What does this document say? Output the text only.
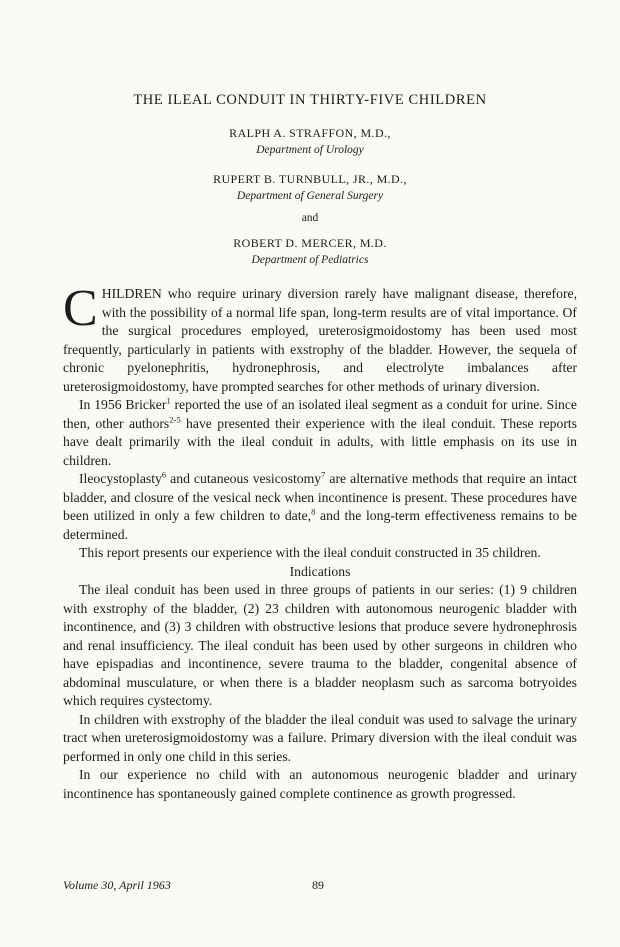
THE ILEAL CONDUIT IN THIRTY-FIVE CHILDREN

RALPH A. STRAFFON, M.D.,

Department of Urology

RUPERT B. TURNBULL, JR., M.D.,

Department of General Surgery

and

ROBERT D. MERCER, M.D.

Department of Pediatrics

CHILDREN who require urinary diversion rarely have malignant disease, therefore, with the possibility of a normal life span, long-term results are of vital importance. Of the surgical procedures employed, ureterosigmoidostomy has been used most frequently, particularly in patients with exstrophy of the bladder. However, the sequela of chronic pyelonephritis, hydronephrosis, and electrolyte imbalances after ureterosigmoidostomy, have prompted searches for other methods of urinary diversion.

In 1956 Bricker$^1$ reported the use of an isolated ileal segment as a conduit for urine. Since then, other authors$^{2-5}$ have presented their experience with the ileal conduit. These reports have dealt primarily with the ileal conduit in adults, with little emphasis on its use in children.

Ileocystoplasty$^6$ and cutaneous vesicostomy$^7$ are alternative methods that require an intact bladder, and closure of the vesical neck when incontinence is present. These procedures have been utilized in only a few children to date,$^8$ and the long-term effectiveness remains to be determined.

This report presents our experience with the ileal conduit constructed in 35 children.

Indications

The ileal conduit has been used in three groups of patients in our series: (1) 9 children with exstrophy of the bladder, (2) 23 children with autonomous neurogenic bladder with incontinence, and (3) 3 children with obstructive lesions that produce severe hydronephrosis and renal insufficiency. The ileal conduit has been used by other surgeons in children who have epispadias and incontinence, severe trauma to the bladder, congenital absence of abdominal musculature, or when there is a bladder neoplasm such as sarcoma botryoides which requires cystectomy.

In children with exstrophy of the bladder the ileal conduit was used to salvage the urinary tract when ureterosigmoidostomy was a failure. Primary diversion with the ileal conduit was performed in only one child in this series.

In our experience no child with an autonomous neurogenic bladder and urinary incontinence has spontaneously gained complete continence as growth progressed.

Volume 30, April 1963	89
